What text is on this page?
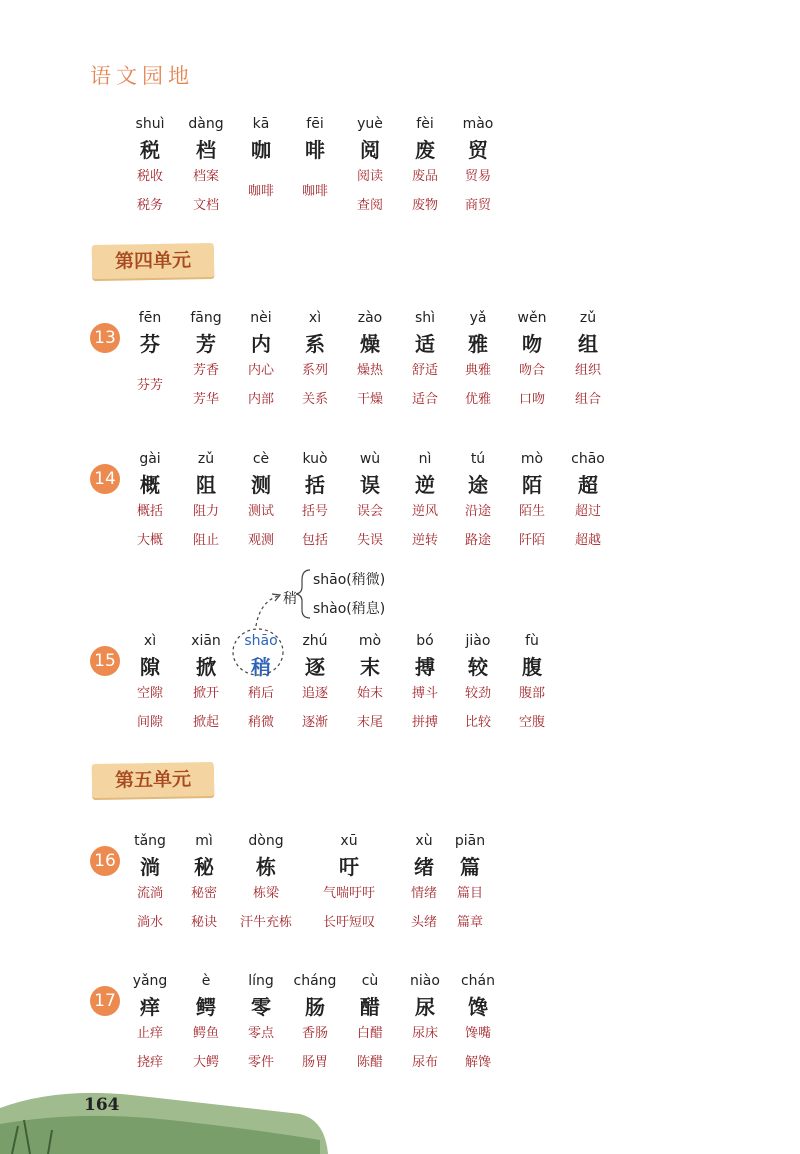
语文园地
第四单元
第五单元
shuì
税
税收
税务
dàng
档
档案
文档
kā
咖
咖啡
fēi
啡
咖啡
yuè
阅
阅读
查阅
fèi
废
废品
废物
mào
贸
贸易
商贸
13
fēn
芬
芬芳
fāng
芳
芳香
芳华
nèi
内
内心
内部
xì
系
系列
关系
zào
燥
燥热
干燥
shì
适
舒适
适合
yǎ
雅
典雅
优雅
wěn
吻
吻合
口吻
zǔ
组
组织
组合
14
gài
概
概括
大概
zǔ
阻
阻力
阻止
cè
测
测试
观测
kuò
括
括号
包括
wù
误
误会
失误
nì
逆
逆风
逆转
tú
途
沿途
路途
mò
陌
陌生
阡陌
chāo
超
超过
超越
15
xì
隙
空隙
间隙
xiān
掀
掀开
掀起
shāo
稍
稍后
稍微
zhú
逐
追逐
逐渐
mò
末
始末
末尾
bó
搏
搏斗
拼搏
jiào
较
较劲
比较
fù
腹
腹部
空腹
16
tǎng
淌
流淌
淌水
mì
秘
秘密
秘诀
dòng
栋
栋梁
汗牛充栋
xū
吁
气喘吁吁
长吁短叹
xù
绪
情绪
头绪
piān
篇
篇目
篇章
17
yǎng
痒
止痒
挠痒
è
鳄
鳄鱼
大鳄
líng
零
零点
零件
cháng
肠
香肠
肠胃
cù
醋
白醋
陈醋
niào
尿
尿床
尿布
chán
馋
馋嘴
解馋
稍
shāo(稍微)
shào(稍息)
164
